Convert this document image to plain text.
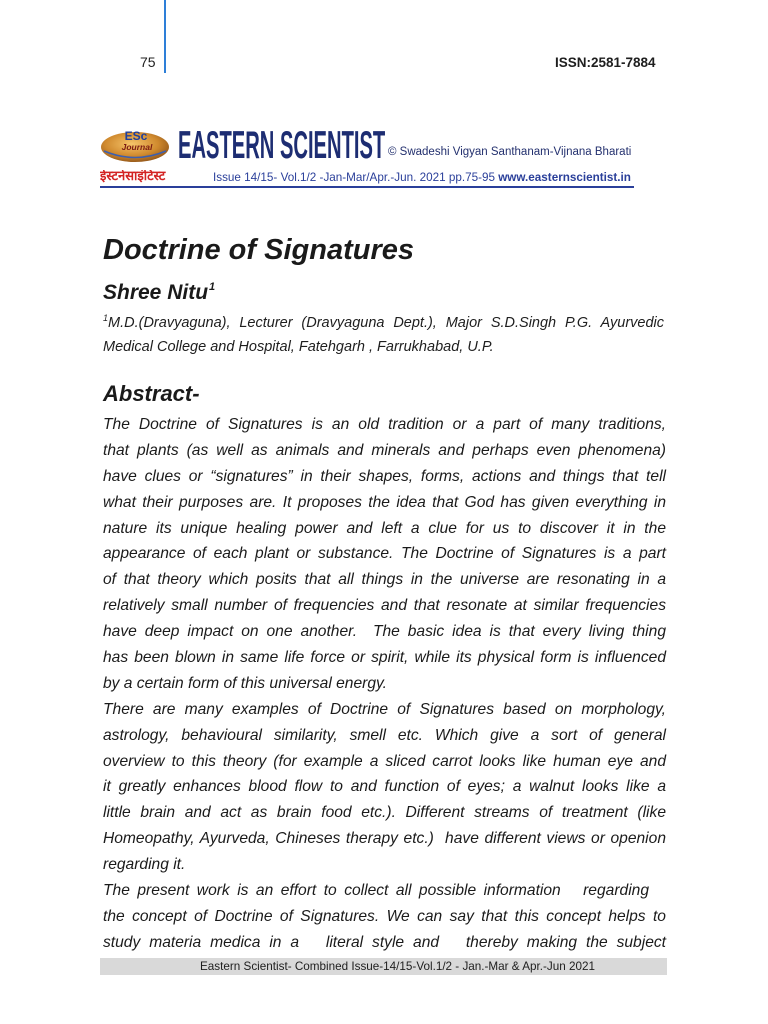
75	ISSN:2581-7884
ESc
Journal EASTERN SCIENTIST © Swadeshi Vigyan Santhanam-Vijnana Bharati
ईस्टर्नसाइंटिस्ट	Issue 14/15- Vol.1/2 -Jan-Mar/Apr.-Jun. 2021 pp.75-95 www.easternscientist.in
Doctrine of Signatures
Shree Nitu$^1$
$^1$M.D.(Dravyaguna), Lecturer (Dravyaguna Dept.), Major S.D.Singh P.G. Ayurvedic
Medical College and Hospital, Fatehgarh , Farrukhabad, U.P.
Abstract-
The Doctrine of Signatures is an old tradition or a part of many traditions,
that plants (as well as animals and minerals and perhaps even phenomena)
have clues or “signatures” in their shapes, forms, actions and things that tell
what their purposes are. It proposes the idea that God has given everything in
nature its unique healing power and left a clue for us to discover it in the
appearance of each plant or substance. The Doctrine of Signatures is a part
of that theory which posits that all things in the universe are resonating in a
relatively small number of frequencies and that resonate at similar frequencies
have deep impact on one another.  The basic idea is that every living thing
has been blown in same life force or spirit, while its physical form is influenced
by a certain form of this universal energy.
There are many examples of Doctrine of Signatures based on morphology,
astrology, behavioural similarity, smell etc. Which give a sort of general
overview to this theory (for example a sliced carrot looks like human eye and
it greatly enhances blood flow to and function of eyes; a walnut looks like a
little brain and act as brain food etc.). Different streams of treatment (like
Homeopathy, Ayurveda, Chineses therapy etc.)  have different views or openion
regarding it.
The present work is an effort to collect all possible information   regarding
the concept of Doctrine of Signatures. We can say that this concept helps to
study materia medica in a   literal style and   thereby making the subject
Eastern Scientist- Combined Issue-14/15-Vol.1/2 - Jan.-Mar & Apr.-Jun 2021
